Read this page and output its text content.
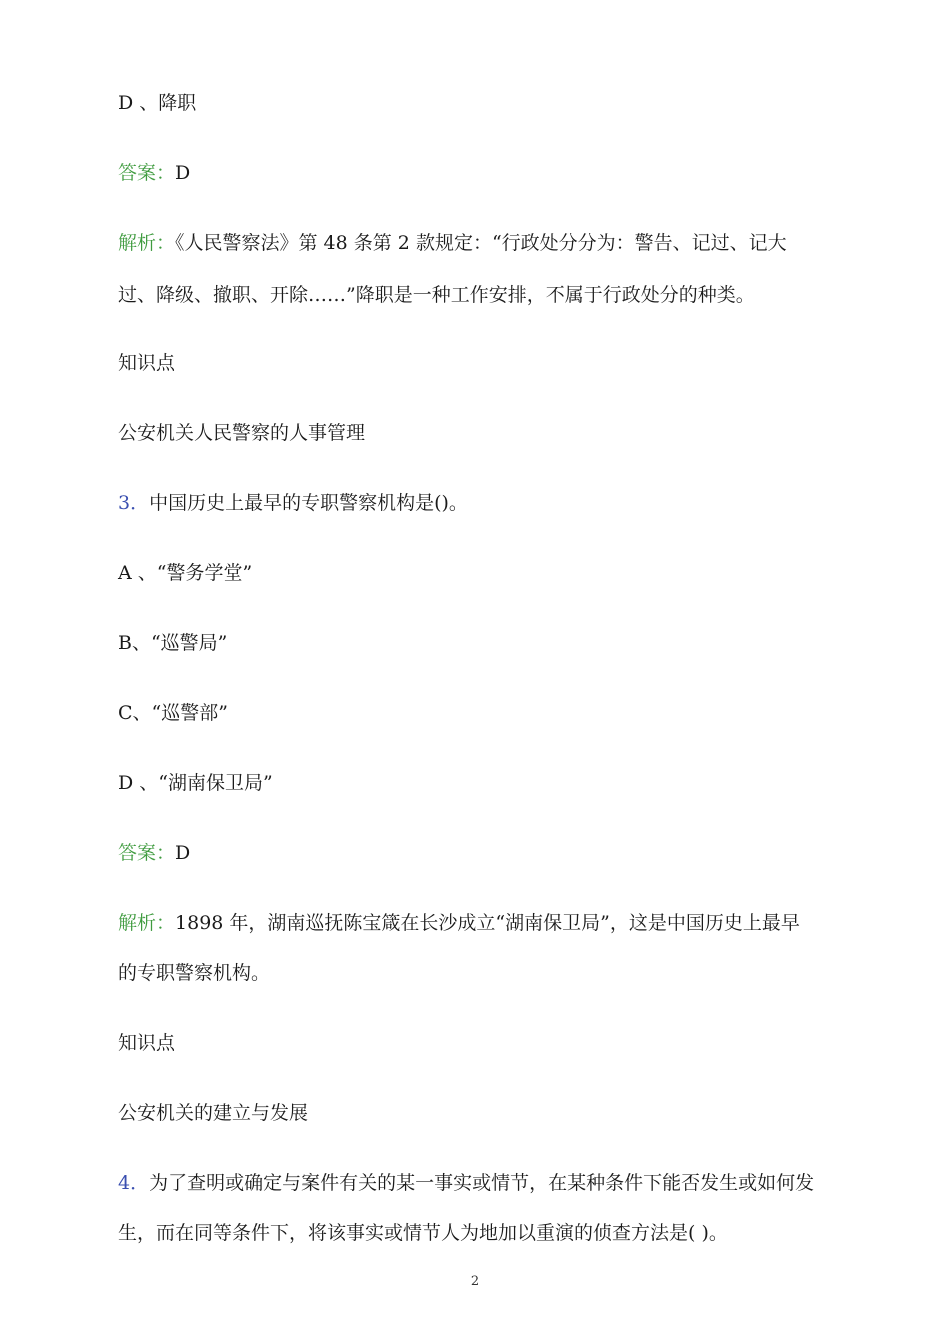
D 、降职

答案：D

解析：《人民警察法》第 48 条第 2 款规定：“行政处分分为：警告、记过、记大

过、降级、撤职、开除……”降职是一种工作安排，不属于行政处分的种类。

知识点

公安机关人民警察的人事管理

3．中国历史上最早的专职警察机构是()。

A 、“警务学堂”

B、“巡警局”

C、“巡警部”

D 、“湖南保卫局”

答案：D

解析：1898 年，湖南巡抚陈宝箴在长沙成立“湖南保卫局”，这是中国历史上最早

的专职警察机构。

知识点

公安机关的建立与发展

4．为了查明或确定与案件有关的某一事实或情节，在某种条件下能否发生或如何发

生，而在同等条件下，将该事实或情节人为地加以重演的侦查方法是( )。

2
